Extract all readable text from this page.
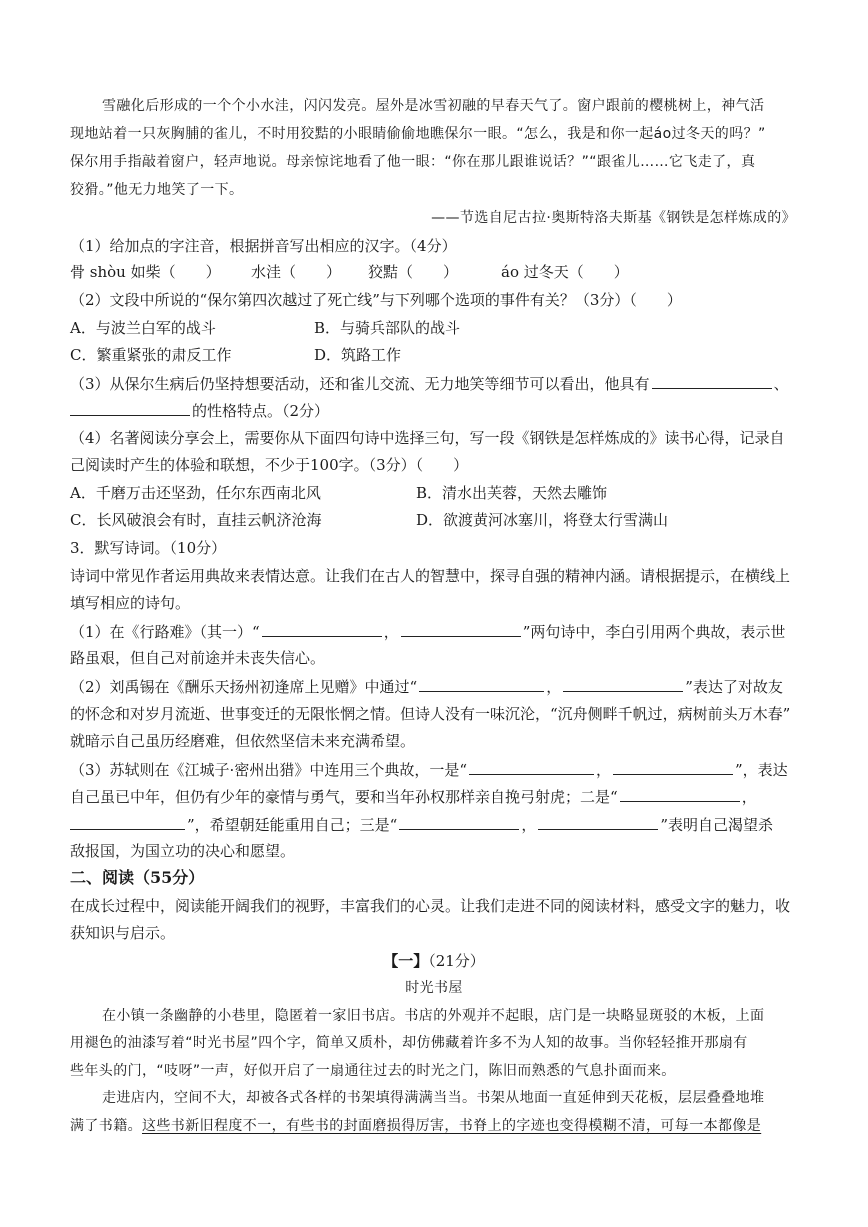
雪融化后形成的一个个小水洼，闪闪发亮。屋外是冰雪初融的早春天气了。窗户跟前的樱桃树上，神气活
现地站着一只灰胸脯的雀儿，不时用狡黠的小眼睛偷偷地瞧保尔一眼。“怎么，我是和你一起áo过冬天的吗？”
保尔用手指敲着窗户，轻声地说。母亲惊诧地看了他一眼：“你在那儿跟谁说话？”“跟雀儿……它飞走了，真
狡猾。”他无力地笑了一下。
——节选自尼古拉·奥斯特洛夫斯基《钢铁是怎样炼成的》
（1）给加点的字注音，根据拼音写出相应的汉字。（4分）
骨 shòu 如柴（　　） 水洼（　　） 狡黠（　　）	áo 过冬天（　　）
（2）文段中所说的“保尔第四次越过了死亡线”与下列哪个选项的事件有关？（3分）（　　）
A．与波兰白军的战斗	B．与骑兵部队的战斗
C．繁重紧张的肃反工作	D．筑路工作
（3）从保尔生病后仍坚持想要活动，还和雀儿交流、无力地笑等细节可以看出，他具有	、
的性格特点。（2分）
（4）名著阅读分享会上，需要你从下面四句诗中选择三句，写一段《钢铁是怎样炼成的》读书心得，记录自
己阅读时产生的体验和联想，不少于100字。（3分）（　　）
A．千磨万击还坚劲，任尔东西南北风	B．清水出芙蓉，天然去雕饰
C．长风破浪会有时，直挂云帆济沧海	D．欲渡黄河冰塞川，将登太行雪满山
3．默写诗词。（10分）
诗词中常见作者运用典故来表情达意。让我们在古人的智慧中，探寻自强的精神内涵。请根据提示，在横线上
填写相应的诗句。
（1）在《行路难》（其一）“	，	”两句诗中，李白引用两个典故，表示世
路虽艰，但自己对前途并未丧失信心。
（2）刘禹锡在《酬乐天扬州初逢席上见赠》中通过“	，	”表达了对故友
的怀念和对岁月流逝、世事变迁的无限怅惘之情。但诗人没有一味沉沦，“沉舟侧畔千帆过，病树前头万木春”
就暗示自己虽历经磨难，但依然坚信未来充满希望。
（3）苏轼则在《江城子·密州出猎》中连用三个典故，一是“	，	”，表达
自己虽已中年，但仍有少年的豪情与勇气，要和当年孙权那样亲自挽弓射虎；二是“	，
”，希望朝廷能重用自己；三是“	，	”表明自己渴望杀
敌报国，为国立功的决心和愿望。
二、阅读（55分）
在成长过程中，阅读能开阔我们的视野，丰富我们的心灵。让我们走进不同的阅读材料，感受文字的魅力，收
获知识与启示。
【一】（21分）
时光书屋
在小镇一条幽静的小巷里，隐匿着一家旧书店。书店的外观并不起眼，店门是一块略显斑驳的木板，上面
用褪色的油漆写着“时光书屋”四个字，简单又质朴，却仿佛藏着许多不为人知的故事。当你轻轻推开那扇有
些年头的门，“吱呀”一声，好似开启了一扇通往过去的时光之门，陈旧而熟悉的气息扑面而来。
走进店内，空间不大，却被各式各样的书架填得满满当当。书架从地面一直延伸到天花板，层层叠叠地堆
满了书籍。这些书新旧程度不一，有些书的封面磨损得厉害，书脊上的字迹也变得模糊不清，可每一本都像是
